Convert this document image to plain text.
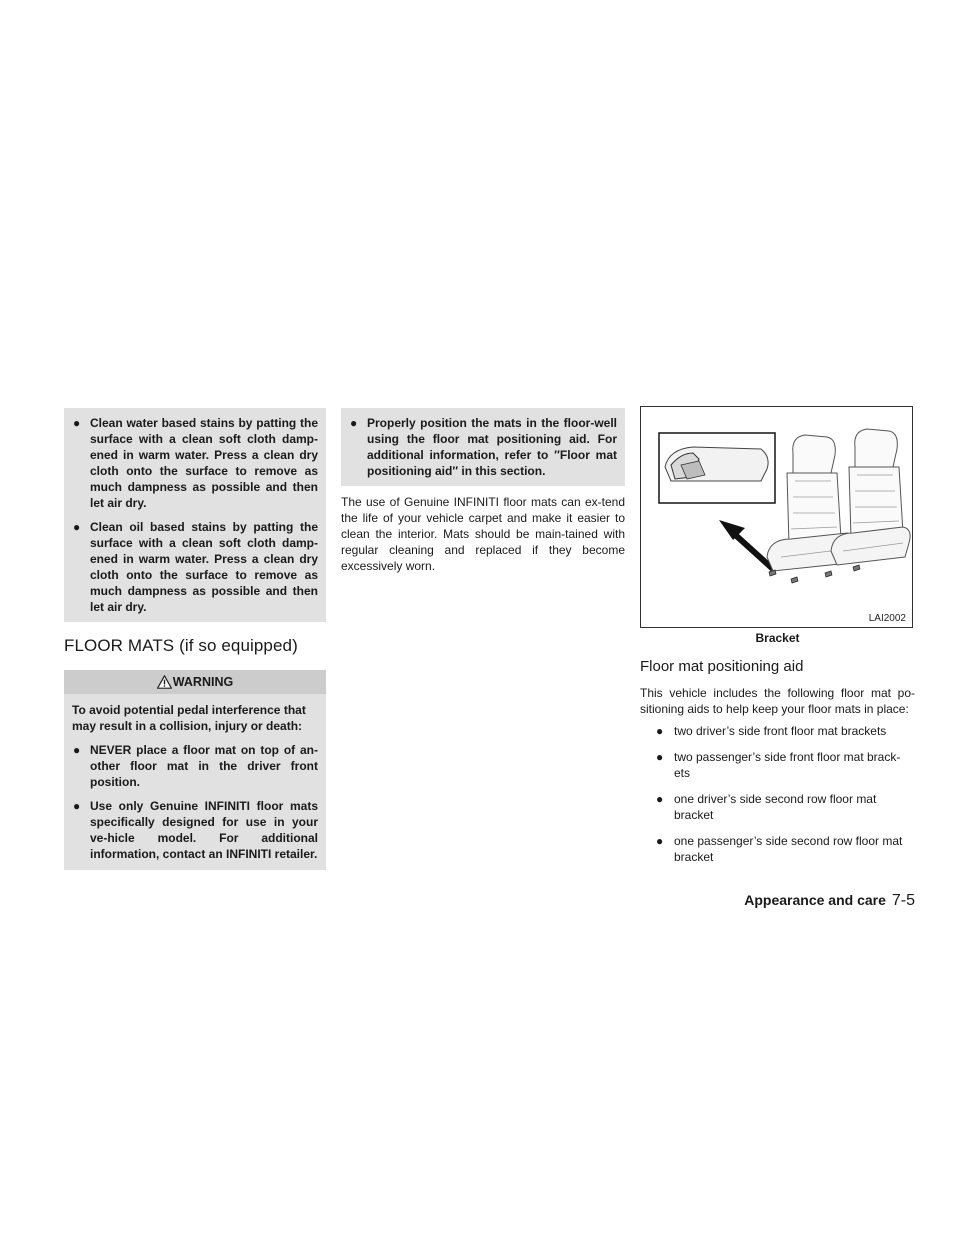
● Clean water based stains by patting the surface with a clean soft cloth damp-ened in warm water. Press a clean dry cloth onto the surface to remove as much dampness as possible and then let air dry.
● Clean oil based stains by patting the surface with a clean soft cloth damp-ened in warm water. Press a clean dry cloth onto the surface to remove as much dampness as possible and then let air dry.
FLOOR MATS (if so equipped)
WARNING

To avoid potential pedal interference that may result in a collision, injury or death:

● NEVER place a floor mat on top of an-other floor mat in the driver front position.
● Use only Genuine INFINITI floor mats specifically designed for use in your ve-hicle model. For additional information, contact an INFINITI retailer.
● Properly position the mats in the floor-well using the floor mat positioning aid. For additional information, refer to ″Floor mat positioning aid″ in this section.

The use of Genuine INFINITI floor mats can ex-tend the life of your vehicle carpet and make it easier to clean the interior. Mats should be main-tained with regular cleaning and replaced if they become excessively worn.

LAI2002
Bracket
Floor mat positioning aid

This vehicle includes the following floor mat po-sitioning aids to help keep your floor mats in place:

● two driver’s side front floor mat brackets
● two passenger’s side front floor mat brack-ets
● one driver’s side second row floor mat bracket
● one passenger’s side second row floor mat bracket
Appearance and care 7-5
